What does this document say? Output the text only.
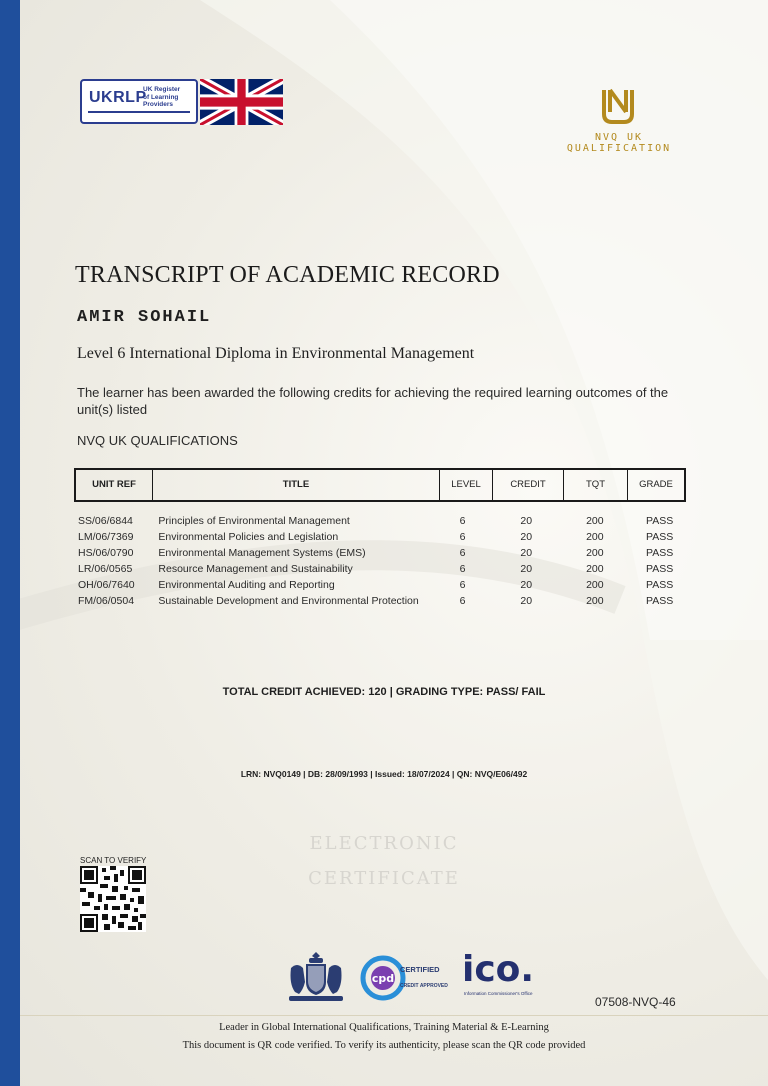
UKRLP
UK Register
of Learning
Providers
NVQ UK QUALIFICATION
TRANSCRIPT OF ACADEMIC RECORD
AMIR SOHAIL
Level 6 International Diploma in Environmental Management
The learner has been awarded the following credits for achieving the required learning outcomes of the unit(s) listed
NVQ UK QUALIFICATIONS
UNIT REF	TITLE	LEVEL	CREDIT	TQT	GRADE
SS/06/6844	Principles of Environmental Management	6	20	200	PASS
LM/06/7369	Environmental Policies and Legislation	6	20	200	PASS
HS/06/0790	Environmental Management Systems (EMS)	6	20	200	PASS
LR/06/0565	Resource Management and Sustainability	6	20	200	PASS
OH/06/7640	Environmental Auditing and Reporting	6	20	200	PASS
FM/06/0504	Sustainable Development and Environmental Protection	6	20	200	PASS
TOTAL CREDIT ACHIEVED: 120 | GRADING TYPE: PASS/ FAIL
LRN: NVQ0149 | DB: 28/09/1993 | Issued: 18/07/2024 | QN: NVQ/E06/492
ELECTRONIC
CERTIFICATE
SCAN TO VERIFY
cpd
CERTIFIED
CREDIT APPROVED ico.
Information Commissioner's Office
07508-NVQ-46
Leader in Global International Qualifications, Training Material & E-Learning
This document is QR code verified. To verify its authenticity, please scan the QR code provided
